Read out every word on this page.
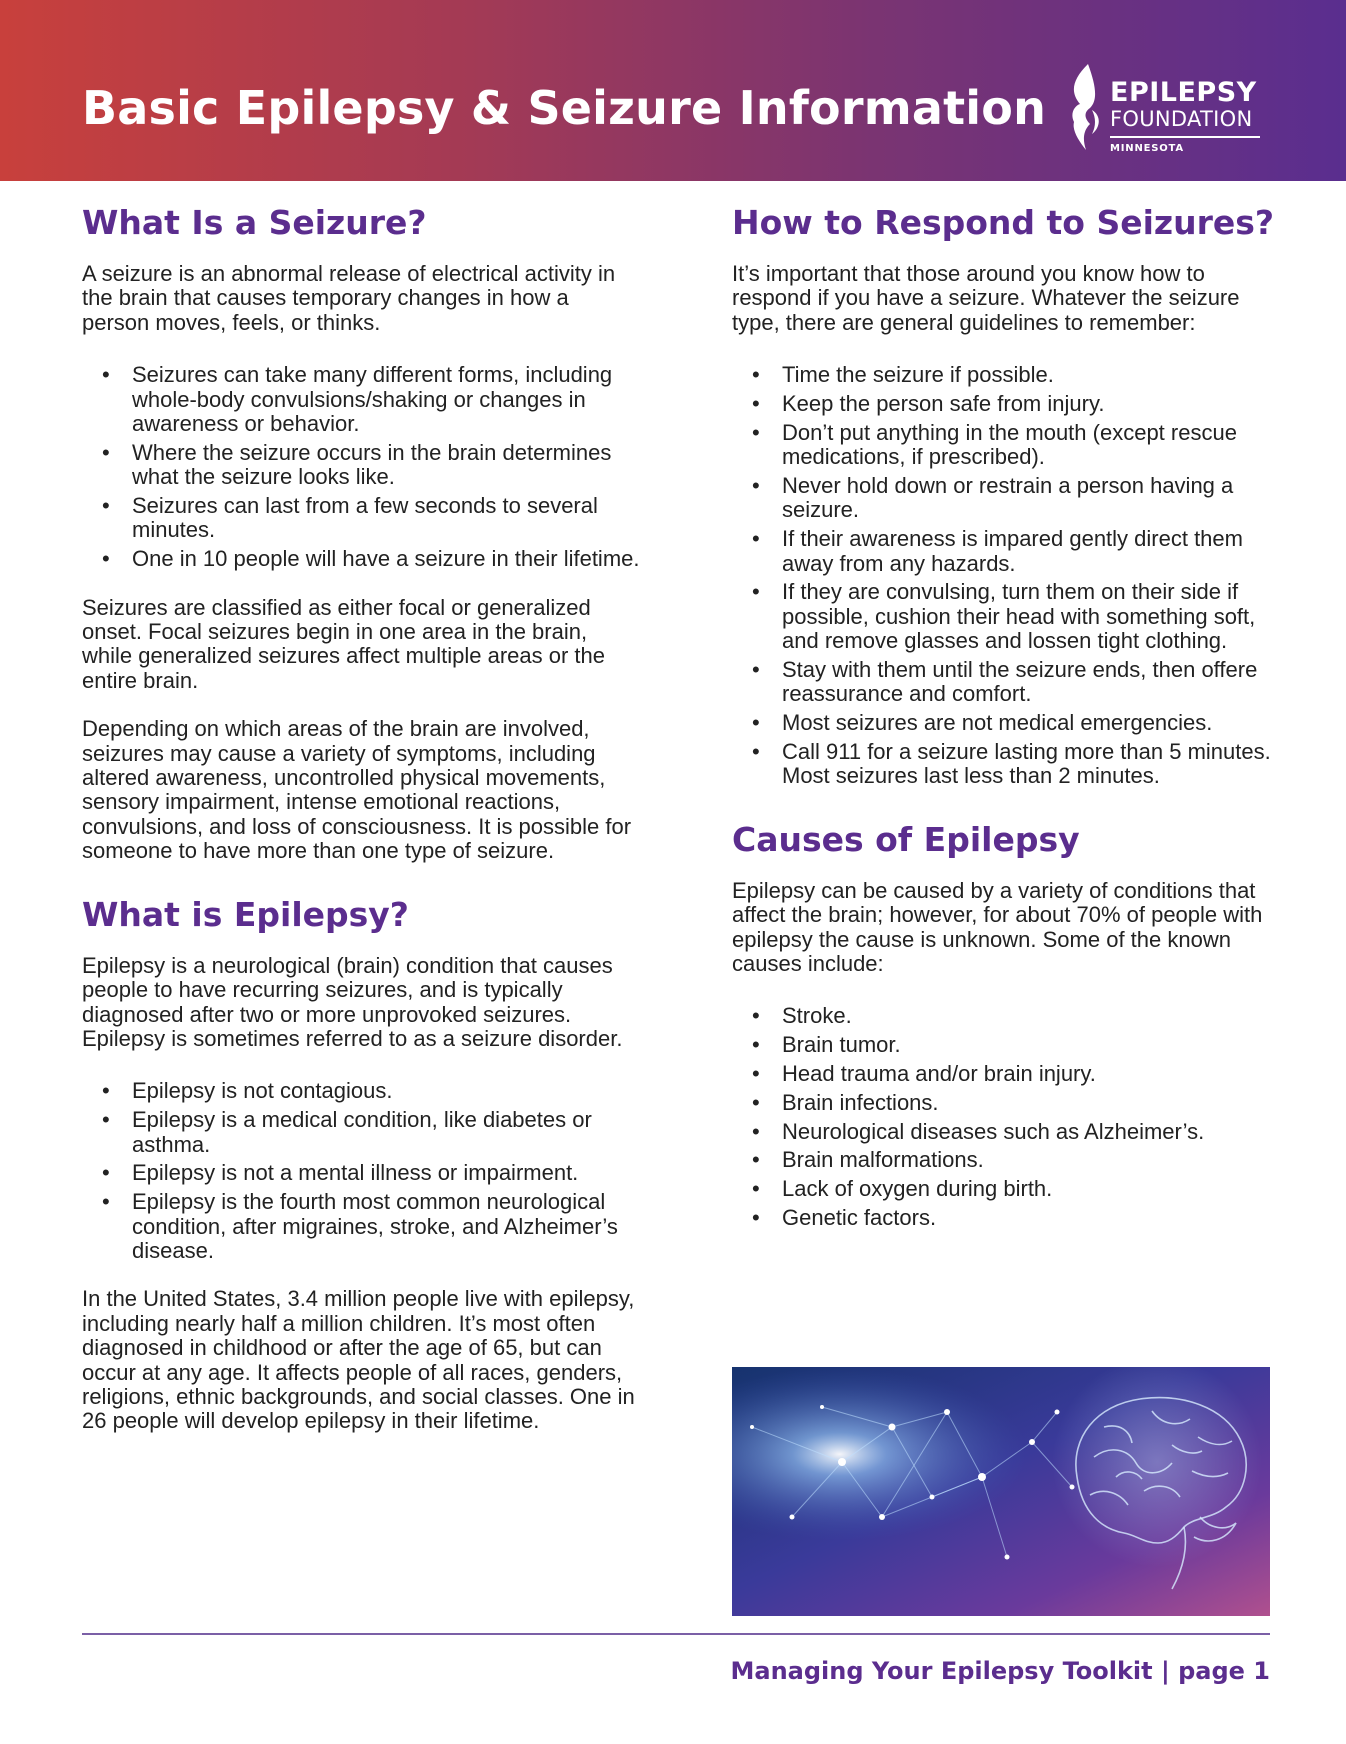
Basic Epilepsy & Seizure Information EPILEPSY
FOUNDATION
MINNESOTA
What Is a Seizure?

A seizure is an abnormal release of electrical activity in the brain that causes temporary changes in how a person moves, feels, or thinks.

• Seizures can take many different forms, including whole-body convulsions/shaking or changes in awareness or behavior.
• Where the seizure occurs in the brain determines what the seizure looks like.
• Seizures can last from a few seconds to several minutes.
• One in 10 people will have a seizure in their lifetime.

Seizures are classified as either focal or generalized onset. Focal seizures begin in one area in the brain, while generalized seizures affect multiple areas or the entire brain.

Depending on which areas of the brain are involved, seizures may cause a variety of symptoms, including altered awareness, uncontrolled physical movements, sensory impairment, intense emotional reactions, convulsions, and loss of consciousness. It is possible for someone to have more than one type of seizure.

What is Epilepsy?

Epilepsy is a neurological (brain) condition that causes people to have recurring seizures, and is typically diagnosed after two or more unprovoked seizures. Epilepsy is sometimes referred to as a seizure disorder.

• Epilepsy is not contagious.
• Epilepsy is a medical condition, like diabetes or asthma.
• Epilepsy is not a mental illness or impairment.
• Epilepsy is the fourth most common neurological condition, after migraines, stroke, and Alzheimer’s disease.

In the United States, 3.4 million people live with epilepsy, including nearly half a million children. It’s most often diagnosed in childhood or after the age of 65, but can occur at any age. It affects people of all races, genders, religions, ethnic backgrounds, and social classes. One in 26 people will develop epilepsy in their lifetime.

How to Respond to Seizures?

It’s important that those around you know how to respond if you have a seizure. Whatever the seizure type, there are general guidelines to remember:

• Time the seizure if possible.
• Keep the person safe from injury.
• Don’t put anything in the mouth (except rescue medications, if prescribed).
• Never hold down or restrain a person having a seizure.
• If their awareness is impared gently direct them away from any hazards.
• If they are convulsing, turn them on their side if possible, cushion their head with something soft, and remove glasses and lossen tight clothing.
• Stay with them until the seizure ends, then offere reassurance and comfort.
• Most seizures are not medical emergencies.
• Call 911 for a seizure lasting more than 5 minutes. Most seizures last less than 2 minutes.
Causes of Epilepsy

Epilepsy can be caused by a variety of conditions that affect the brain; however, for about 70% of people with epilepsy the cause is unknown. Some of the known causes include:

• Stroke.
• Brain tumor.
• Head trauma and/or brain injury.
• Brain infections.
• Neurological diseases such as Alzheimer’s.
• Brain malformations.
• Lack of oxygen during birth.
• Genetic factors.
Managing Your Epilepsy Toolkit | page 1
